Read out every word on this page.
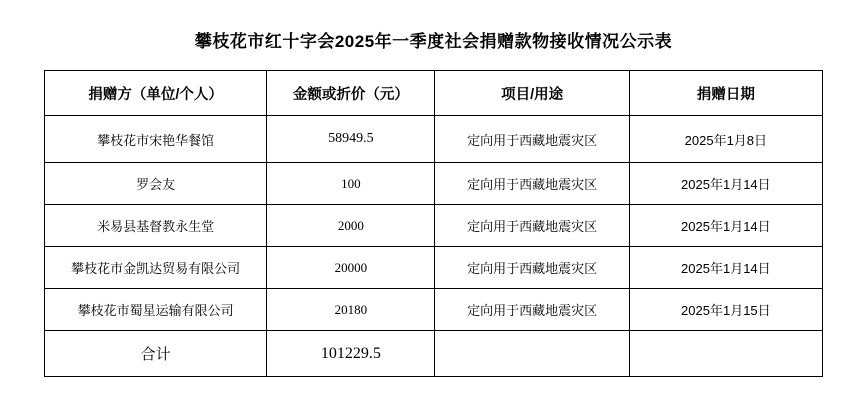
攀枝花市红十字会2025年一季度社会捐赠款物接收情况公示表
捐赠方（单位/个人）	金额或折价（元）	项目/用途	捐赠日期
攀枝花市宋艳华餐馆	58949.5	定向用于西藏地震灾区	2025年1月8日
罗会友	100	定向用于西藏地震灾区	2025年1月14日
米易县基督教永生堂	2000	定向用于西藏地震灾区	2025年1月14日
攀枝花市金凯达贸易有限公司	20000	定向用于西藏地震灾区	2025年1月14日
攀枝花市蜀星运输有限公司	20180	定向用于西藏地震灾区	2025年1月15日
合计	101229.5		
